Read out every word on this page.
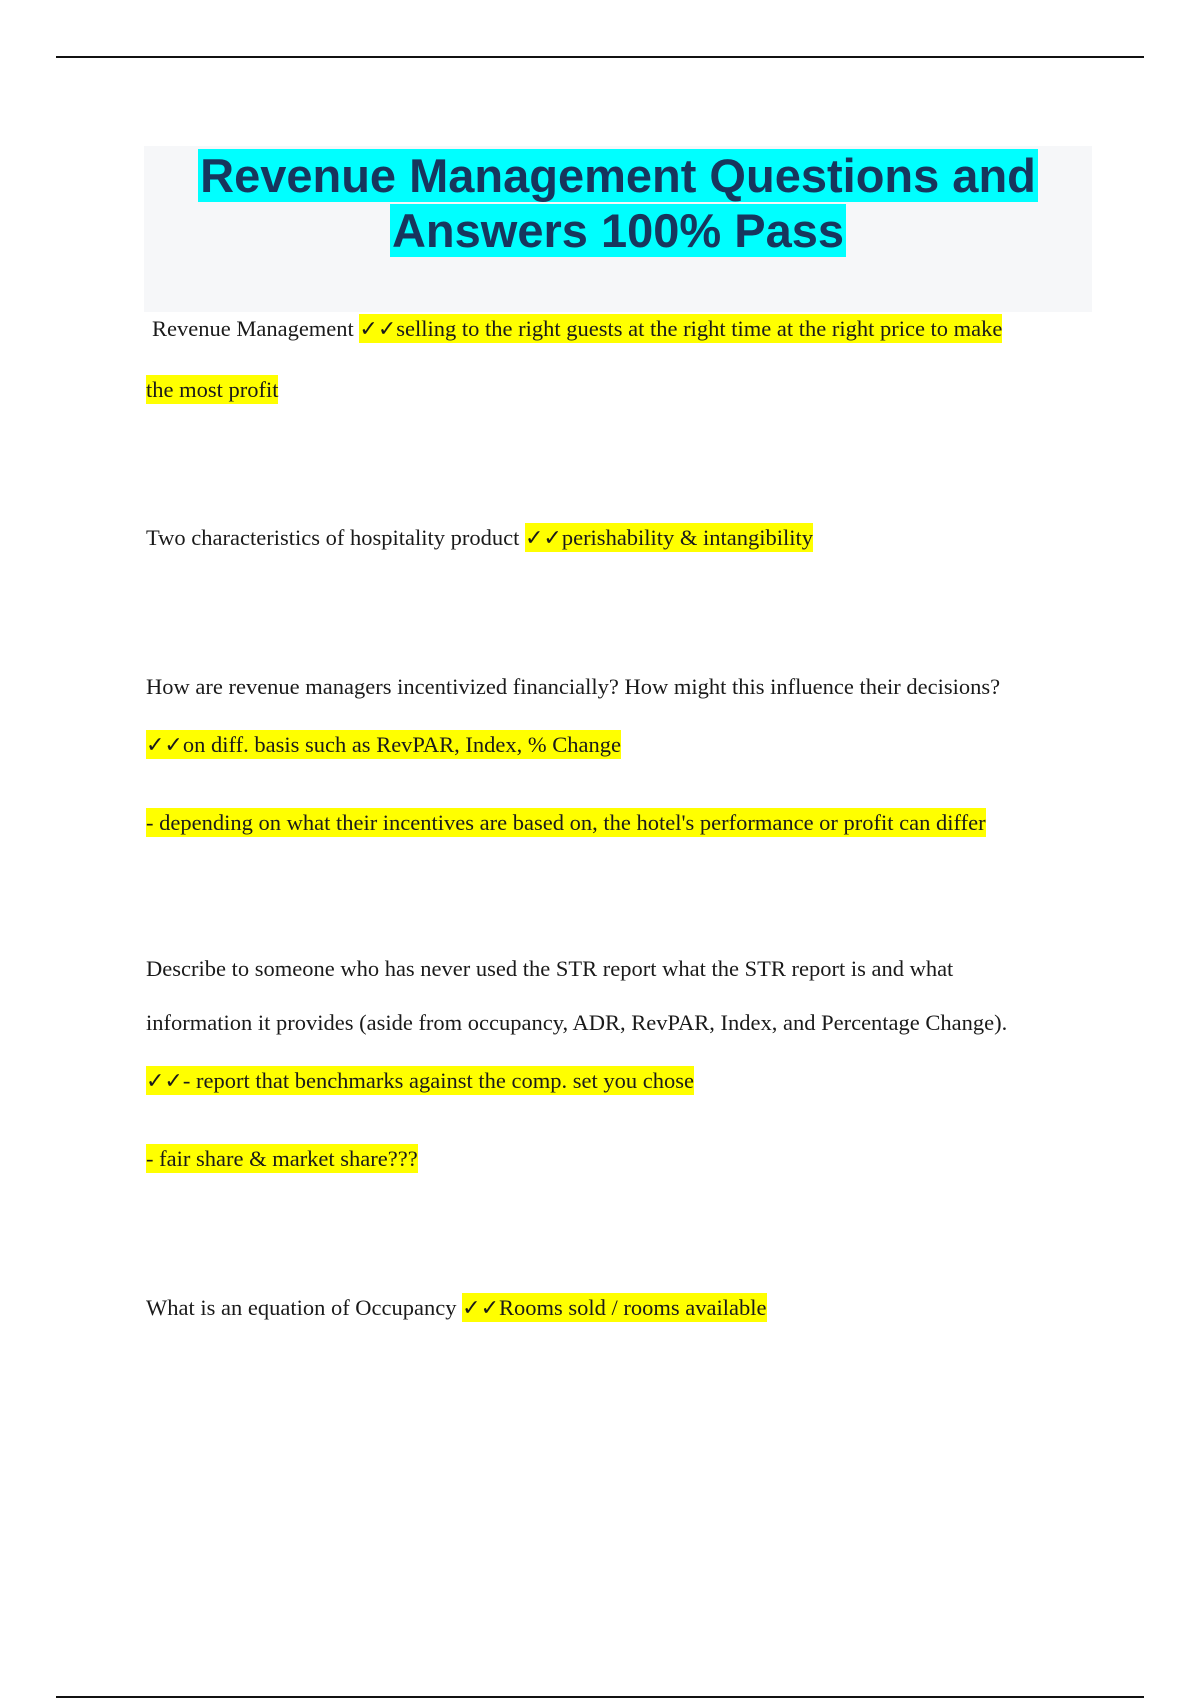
Revenue Management Questions and
Answers 100% Pass

Revenue Management ✓✓selling to the right guests at the right time at the right price to make

the most profit

Two characteristics of hospitality product ✓✓perishability & intangibility

How are revenue managers incentivized financially? How might this influence their decisions?

✓✓on diff. basis such as RevPAR, Index, % Change

- depending on what their incentives are based on, the hotel's performance or profit can differ

Describe to someone who has never used the STR report what the STR report is and what

information it provides (aside from occupancy, ADR, RevPAR, Index, and Percentage Change).

✓✓- report that benchmarks against the comp. set you chose

- fair share & market share???

What is an equation of Occupancy ✓✓Rooms sold / rooms available
